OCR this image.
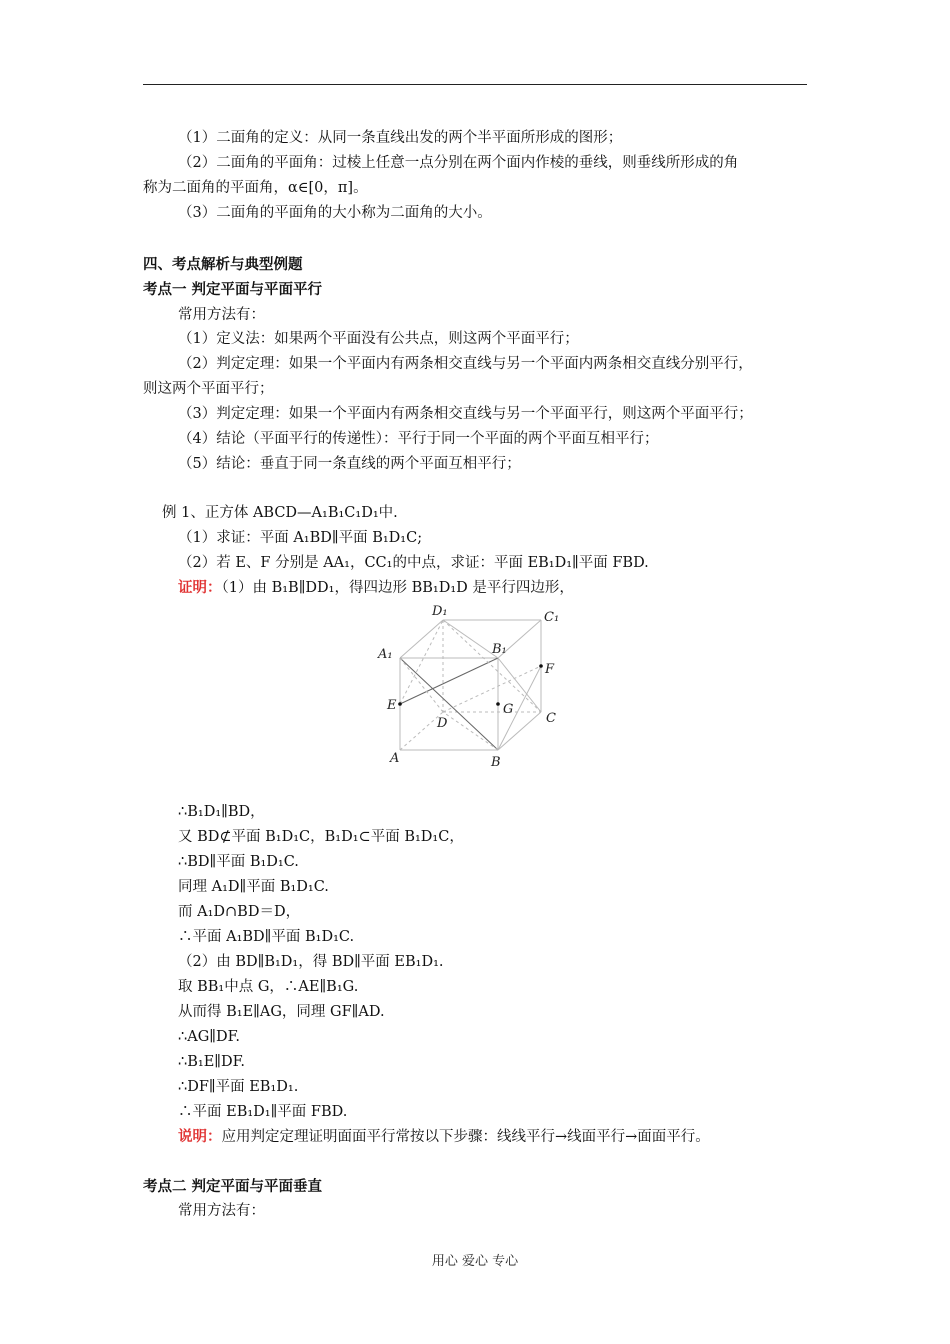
（1）二面角的定义：从同一条直线出发的两个半平面所形成的图形；
（2）二面角的平面角：过棱上任意一点分别在两个面内作棱的垂线，则垂线所形成的角
称为二面角的平面角，α∈[0，π]。
（3）二面角的平面角的大小称为二面角的大小。
四、考点解析与典型例题
考点一 判定平面与平面平行
常用方法有：
（1）定义法：如果两个平面没有公共点，则这两个平面平行；
（2）判定定理：如果一个平面内有两条相交直线与另一个平面内两条相交直线分别平行，
则这两个平面平行；
（3）判定定理：如果一个平面内有两条相交直线与另一个平面平行，则这两个平面平行；
（4）结论（平面平行的传递性）：平行于同一个平面的两个平面互相平行；
（5）结论：垂直于同一条直线的两个平面互相平行；
例 1、正方体 ABCD—A₁B₁C₁D₁中.
（1）求证：平面 A₁BD∥平面 B₁D₁C;
（2）若 E、F 分别是 AA₁，CC₁的中点，求证：平面 EB₁D₁∥平面 FBD.
证明：（1）由 B₁B∥DD₁，得四边形 BB₁D₁D 是平行四边形，
D₁	C₁
A₁	B₁
F
E	G
D	C
A	B
∴B₁D₁∥BD，
又 BD⊄平面 B₁D₁C，B₁D₁⊂平面 B₁D₁C，
∴BD∥平面 B₁D₁C.
同理 A₁D∥平面 B₁D₁C.
而 A₁D∩BD＝D，
∴平面 A₁BD∥平面 B₁D₁C.
（2）由 BD∥B₁D₁，得 BD∥平面 EB₁D₁.
取 BB₁中点 G，∴AE∥B₁G.
从而得 B₁E∥AG，同理 GF∥AD.
∴AG∥DF.
∴B₁E∥DF.
∴DF∥平面 EB₁D₁.
∴平面 EB₁D₁∥平面 FBD.
说明：应用判定定理证明面面平行常按以下步骤：线线平行→线面平行→面面平行。
考点二 判定平面与平面垂直
常用方法有：
用心 爱心 专心
